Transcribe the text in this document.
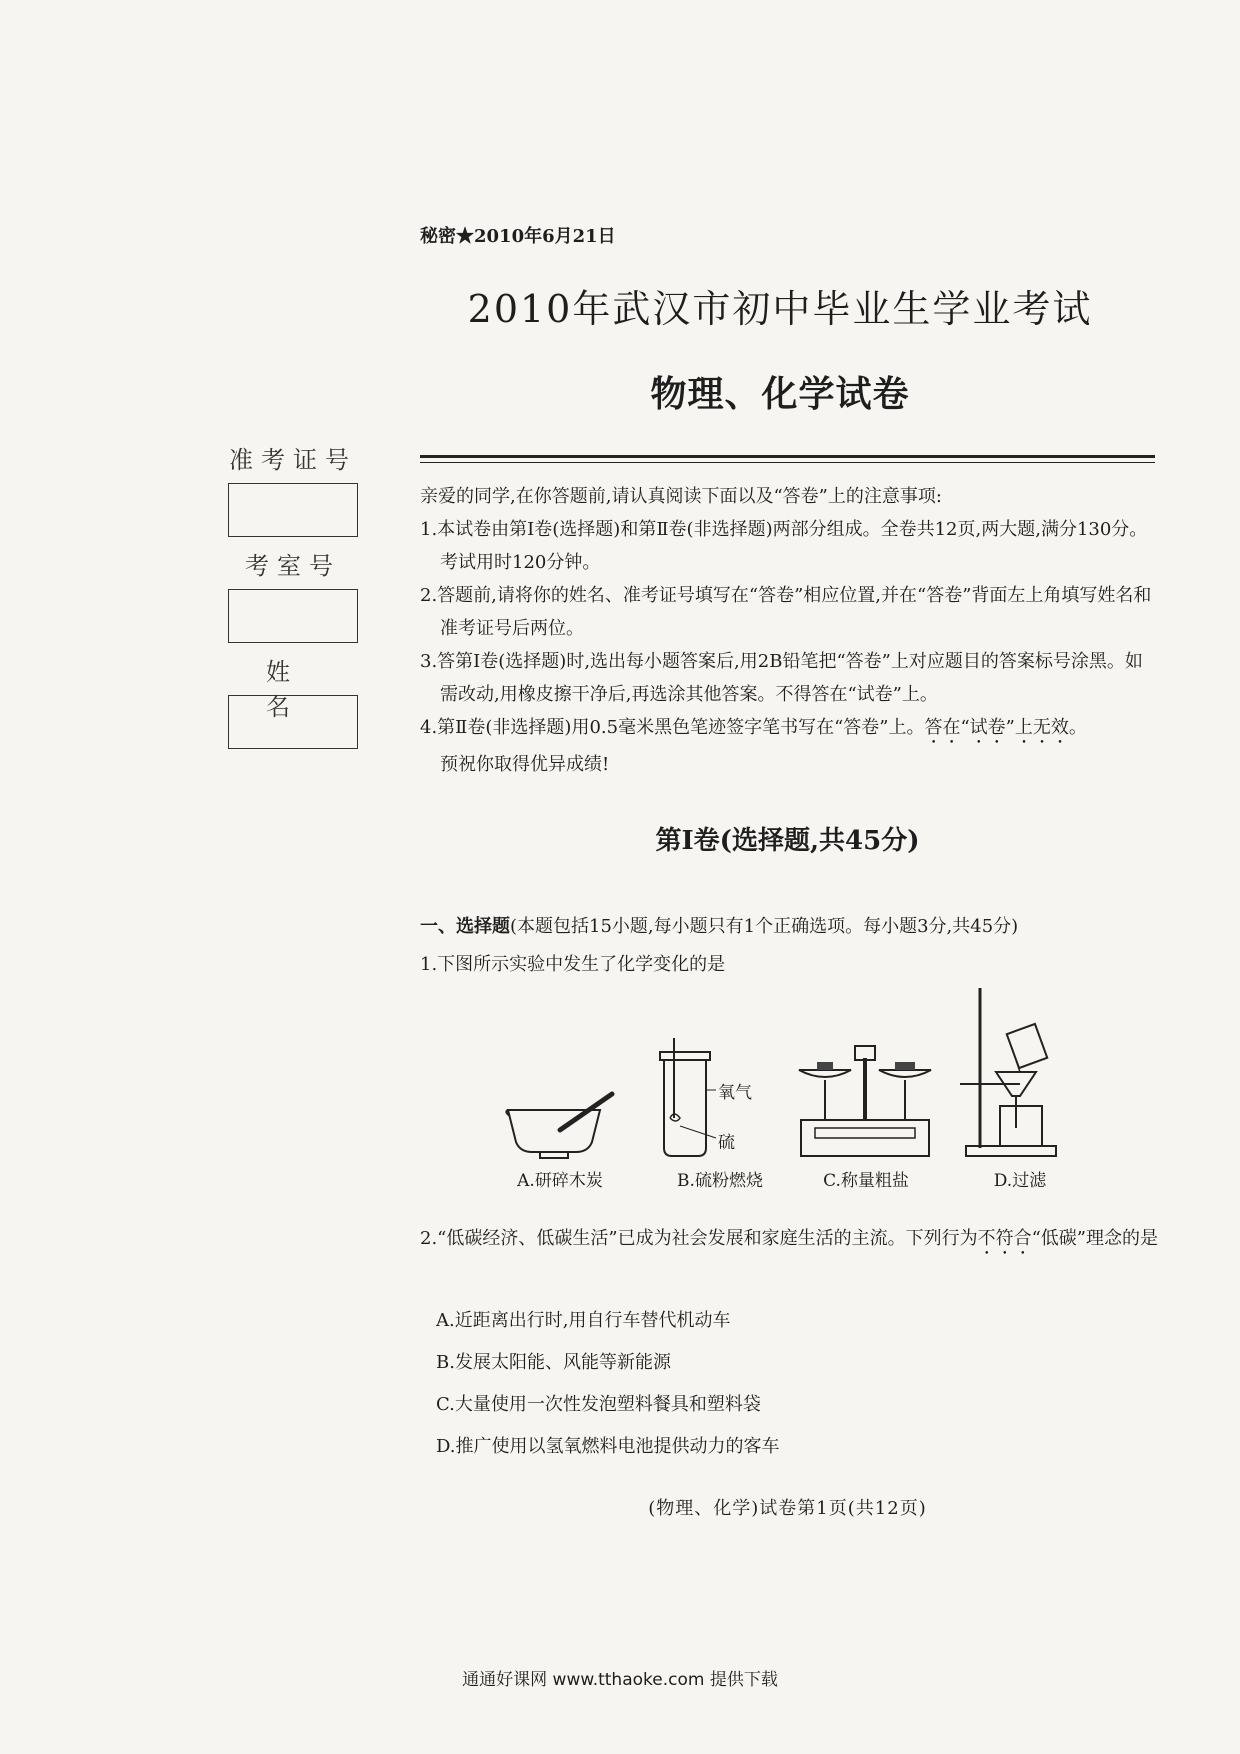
秘密★2010年6月21日
2010年武汉市初中毕业生学业考试
物理、化学试卷
准考证号
考室号
姓 名

亲爱的同学,在你答题前,请认真阅读下面以及“答卷”上的注意事项:

1.本试卷由第Ⅰ卷(选择题)和第Ⅱ卷(非选择题)两部分组成。全卷共12页,两大题,满分130分。考试用时120分钟。

2.答题前,请将你的姓名、准考证号填写在“答卷”相应位置,并在“答卷”背面左上角填写姓名和准考证号后两位。

3.答第Ⅰ卷(选择题)时,选出每小题答案后,用2B铅笔把“答卷”上对应题目的答案标号涂黑。如需改动,用橡皮擦干净后,再选涂其他答案。不得答在“试卷”上。

4.第Ⅱ卷(非选择题)用0.5毫米黑色笔迹签字笔书写在“答卷”上。答在“试卷”上无效。

预祝你取得优异成绩!

第Ⅰ卷(选择题,共45分)
一、选择题(本题包括15小题,每小题只有1个正确选项。每小题3分,共45分)
1.下图所示实验中发生了化学变化的是
A.研碎木炭
氧气
硫
B.硫粉燃烧	C.称量粗盐	D.过滤
2.“低碳经济、低碳生活”已成为社会发展和家庭生活的主流。下列行为不符合“低碳”理念的是
A.近距离出行时,用自行车替代机动车
B.发展太阳能、风能等新能源
C.大量使用一次性发泡塑料餐具和塑料袋
D.推广使用以氢氧燃料电池提供动力的客车
(物理、化学)试卷第1页(共12页)
通通好课网 www.tthaoke.com 提供下载
